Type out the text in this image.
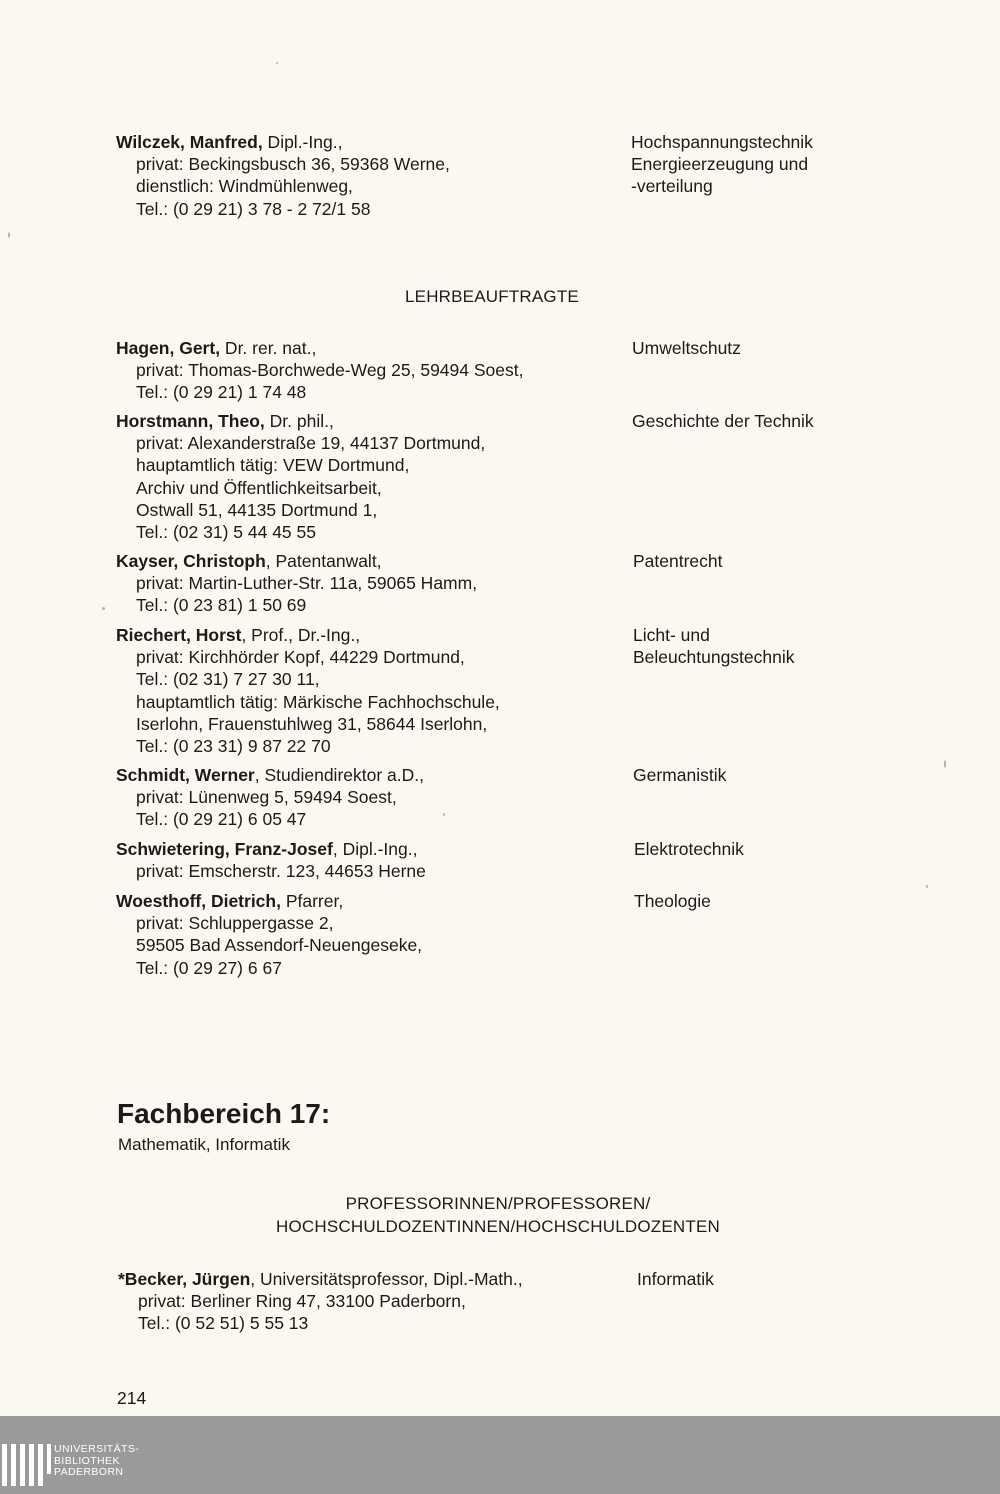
Wilczek, Manfred, Dipl.-Ing.,
privat: Beckingsbusch 36, 59368 Werne,
dienstlich: Windmühlenweg,
Tel.: (0 29 21) 3 78 - 2 72/1 58
Hochspannungstechnik
Energieerzeugung und
-verteilung
LEHRBEAUFTRAGTE
Hagen, Gert, Dr. rer. nat.,
privat: Thomas-Borchwede-Weg 25, 59494 Soest,
Tel.: (0 29 21) 1 74 48
Umweltschutz
Horstmann, Theo, Dr. phil.,
privat: Alexanderstraße 19, 44137 Dortmund,
hauptamtlich tätig: VEW Dortmund,
Archiv und Öffentlichkeitsarbeit,
Ostwall 51, 44135 Dortmund 1,
Tel.: (02 31) 5 44 45 55
Geschichte der Technik
Kayser, Christoph, Patentanwalt,
privat: Martin-Luther-Str. 11a, 59065 Hamm,
Tel.: (0 23 81) 1 50 69
Patentrecht
Riechert, Horst, Prof., Dr.-Ing.,
privat: Kirchhörder Kopf, 44229 Dortmund,
Tel.: (02 31) 7 27 30 11,
hauptamtlich tätig: Märkische Fachhochschule,
Iserlohn, Frauenstuhlweg 31, 58644 Iserlohn,
Tel.: (0 23 31) 9 87 22 70
Licht- und
Beleuchtungstechnik
Schmidt, Werner, Studiendirektor a.D.,
privat: Lünenweg 5, 59494 Soest,
Tel.: (0 29 21) 6 05 47
Germanistik
Schwietering, Franz-Josef, Dipl.-Ing.,
privat: Emscherstr. 123, 44653 Herne
Elektrotechnik
Woesthoff, Dietrich, Pfarrer,
privat: Schluppergasse 2,
59505 Bad Assendorf-Neuengeseke,
Tel.: (0 29 27) 6 67
Theologie
Fachbereich 17:
Mathematik, Informatik
PROFESSORINNEN/PROFESSOREN/
HOCHSCHULDOZENTINNEN/HOCHSCHULDOZENTEN
*Becker, Jürgen, Universitätsprofessor, Dipl.-Math.,
privat: Berliner Ring 47, 33100 Paderborn,
Tel.: (0 52 51) 5 55 13
Informatik
214
UNIVERSITÄTS-
BIBLIOTHEK
PADERBORN
